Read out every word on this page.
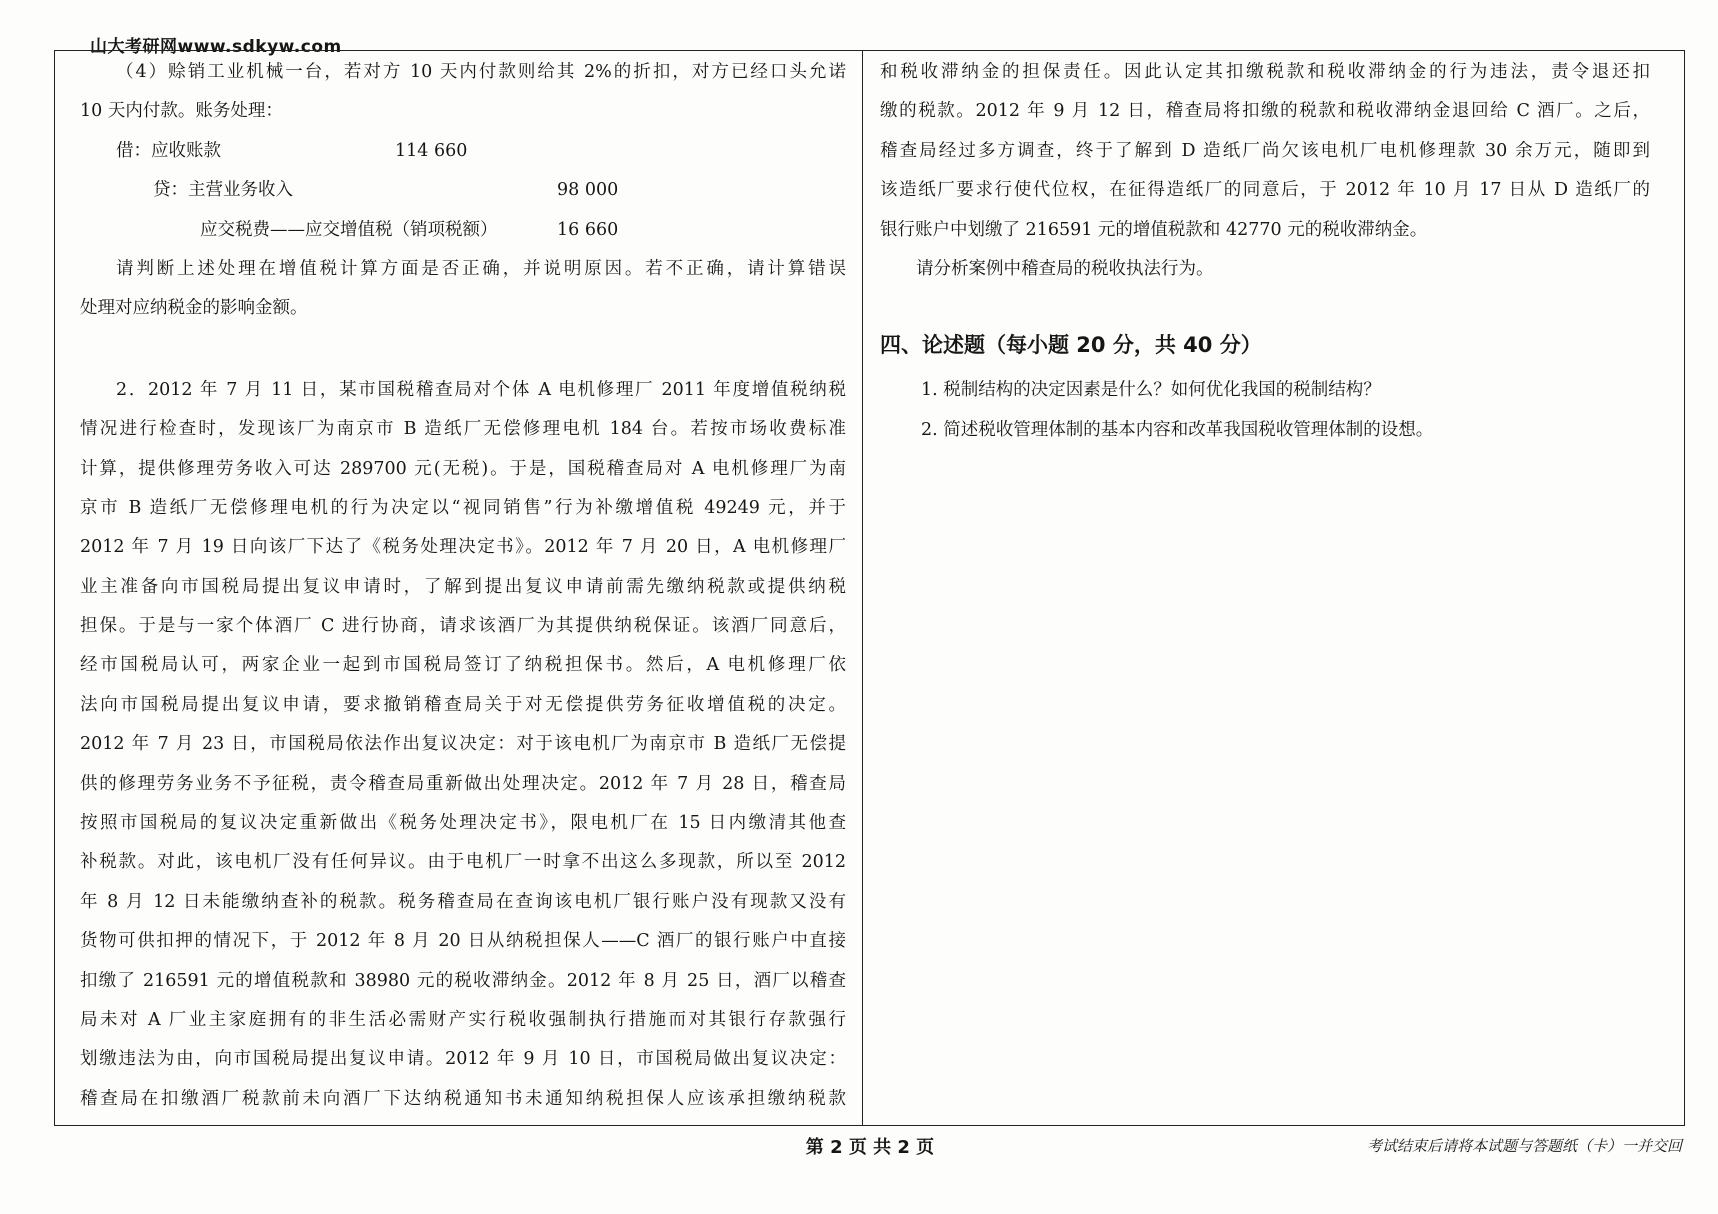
山大考研网www.sdkyw.com
（4）赊销工业机械一台，若对方 10 天内付款则给其 2%的折扣，对方已经口头允诺
10 天内付款。账务处理：
借：应收账款	114 660
贷：主营业务收入	98 000
应交税费——应交增值税（销项税额）	16 660
请判断上述处理在增值税计算方面是否正确，并说明原因。若不正确，请计算错误
处理对应纳税金的影响金额。
2．2012 年 7 月 11 日，某市国税稽查局对个体 A 电机修理厂 2011 年度增值税纳税
情况进行检查时，发现该厂为南京市 B 造纸厂无偿修理电机 184 台。若按市场收费标准
计算，提供修理劳务收入可达 289700 元(无税)。于是，国税稽查局对 A 电机修理厂为南
京市 B 造纸厂无偿修理电机的行为决定以“视同销售”行为补缴增值税 49249 元，并于
2012 年 7 月 19 日向该厂下达了《税务处理决定书》。2012 年 7 月 20 日，A 电机修理厂
业主准备向市国税局提出复议申请时，了解到提出复议申请前需先缴纳税款或提供纳税
担保。于是与一家个体酒厂 C 进行协商，请求该酒厂为其提供纳税保证。该酒厂同意后，
经市国税局认可，两家企业一起到市国税局签订了纳税担保书。然后，A 电机修理厂依
法向市国税局提出复议申请，要求撤销稽查局关于对无偿提供劳务征收增值税的决定。
2012 年 7 月 23 日，市国税局依法作出复议决定：对于该电机厂为南京市 B 造纸厂无偿提
供的修理劳务业务不予征税，责令稽查局重新做出处理决定。2012 年 7 月 28 日，稽查局
按照市国税局的复议决定重新做出《税务处理决定书》，限电机厂在 15 日内缴清其他查
补税款。对此，该电机厂没有任何异议。由于电机厂一时拿不出这么多现款，所以至 2012
年 8 月 12 日未能缴纳查补的税款。税务稽查局在查询该电机厂银行账户没有现款又没有
货物可供扣押的情况下，于 2012 年 8 月 20 日从纳税担保人——C 酒厂的银行账户中直接
扣缴了 216591 元的增值税款和 38980 元的税收滞纳金。2012 年 8 月 25 日，酒厂以稽查
局未对 A 厂业主家庭拥有的非生活必需财产实行税收强制执行措施而对其银行存款强行
划缴违法为由，向市国税局提出复议申请。2012 年 9 月 10 日，市国税局做出复议决定：
稽查局在扣缴酒厂税款前未向酒厂下达纳税通知书未通知纳税担保人应该承担缴纳税款
和税收滞纳金的担保责任。因此认定其扣缴税款和税收滞纳金的行为违法，责令退还扣
缴的税款。2012 年 9 月 12 日，稽查局将扣缴的税款和税收滞纳金退回给 C 酒厂。之后，
稽查局经过多方调查，终于了解到 D 造纸厂尚欠该电机厂电机修理款 30 余万元，随即到
该造纸厂要求行使代位权，在征得造纸厂的同意后，于 2012 年 10 月 17 日从 D 造纸厂的
银行账户中划缴了 216591 元的增值税款和 42770 元的税收滞纳金。
请分析案例中稽查局的税收执法行为。
四、论述题（每小题 20 分，共 40 分）
1. 税制结构的决定因素是什么？如何优化我国的税制结构？
2. 简述税收管理体制的基本内容和改革我国税收管理体制的设想。
第 2 页 共 2 页	考试结束后请将本试题与答题纸（卡）一并交回
